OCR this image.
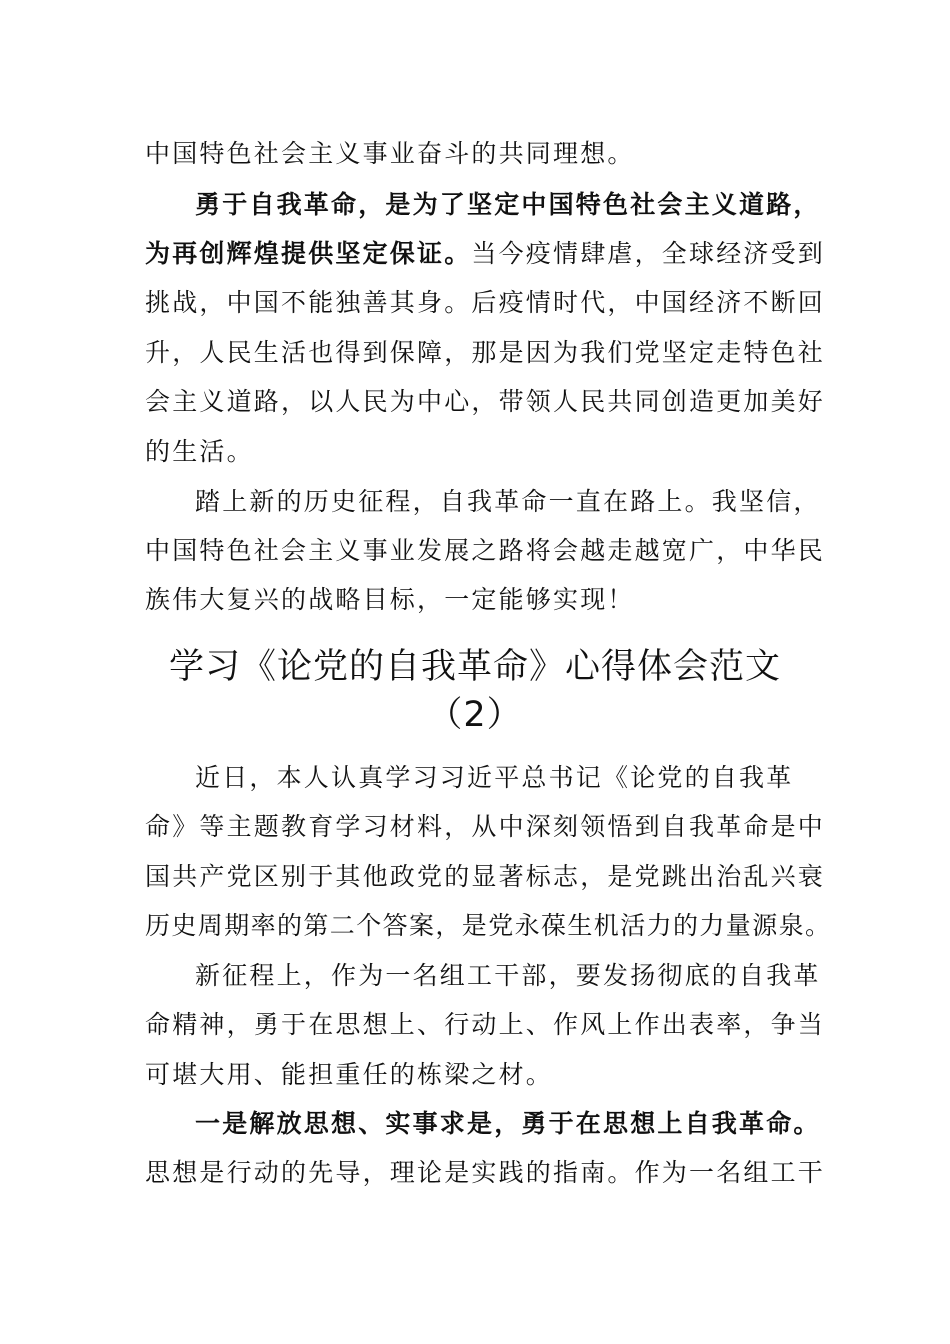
中国特色社会主义事业奋斗的共同理想。
勇于自我革命，是为了坚定中国特色社会主义道路，
为再创辉煌提供坚定保证。当今疫情肆虐，全球经济受到
挑战，中国不能独善其身。后疫情时代，中国经济不断回
升，人民生活也得到保障，那是因为我们党坚定走特色社
会主义道路，以人民为中心，带领人民共同创造更加美好
的生活。
踏上新的历史征程，自我革命一直在路上。我坚信，
中国特色社会主义事业发展之路将会越走越宽广，中华民
族伟大复兴的战略目标，一定能够实现！
学习《论党的自我革命》心得体会范文
（2）
近日，本人认真学习习近平总书记《论党的自我革
命》等主题教育学习材料，从中深刻领悟到自我革命是中
国共产党区别于其他政党的显著标志，是党跳出治乱兴衰
历史周期率的第二个答案，是党永葆生机活力的力量源泉。
新征程上，作为一名组工干部，要发扬彻底的自我革
命精神，勇于在思想上、行动上、作风上作出表率，争当
可堪大用、能担重任的栋梁之材。
一是解放思想、实事求是，勇于在思想上自我革命。
思想是行动的先导，理论是实践的指南。作为一名组工干
